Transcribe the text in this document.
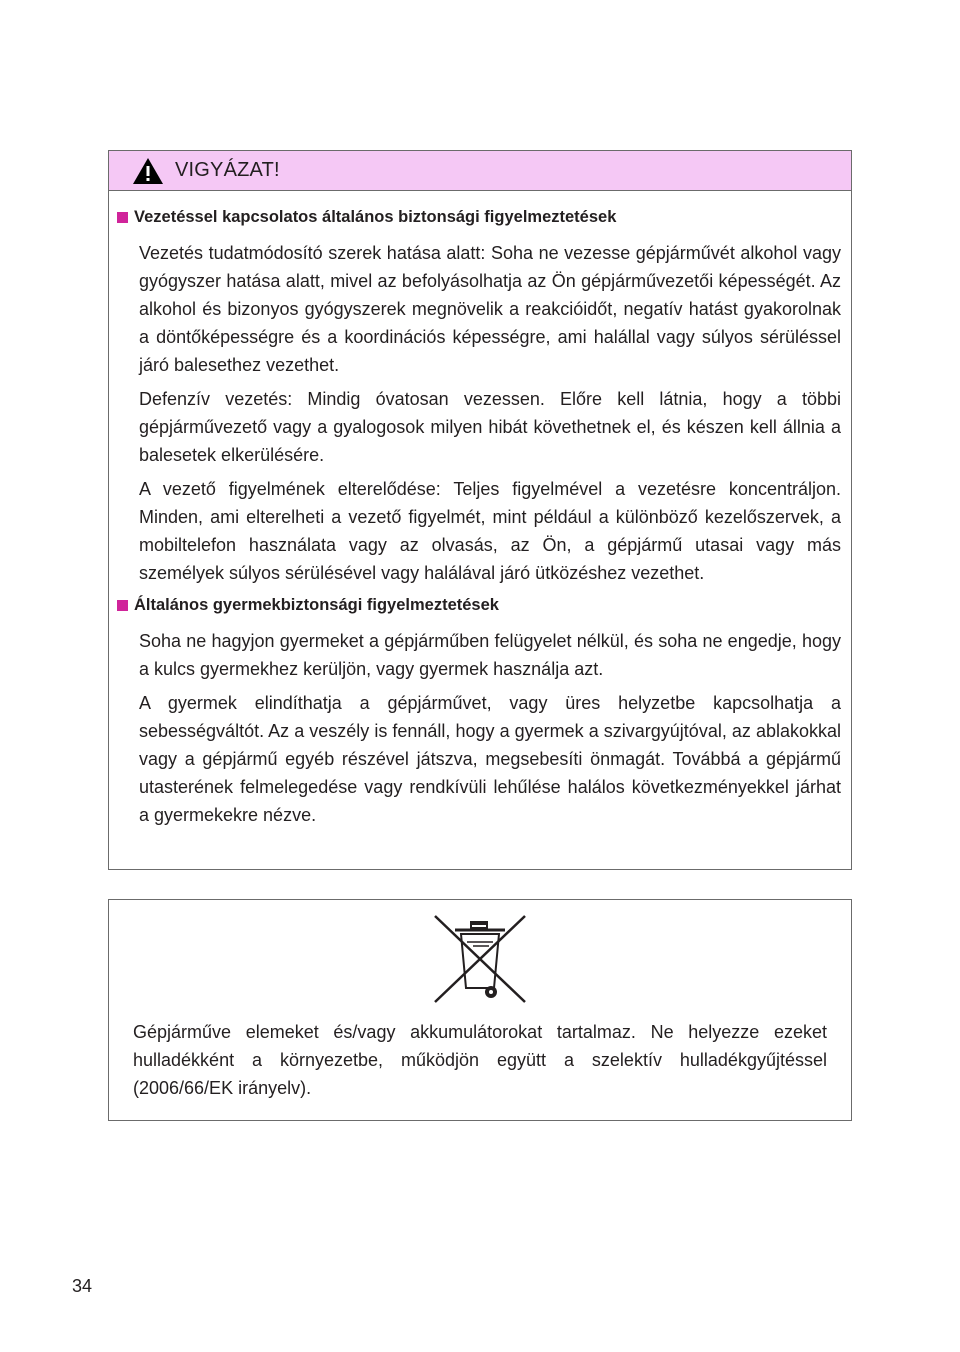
VIGYÁZAT!
Vezetéssel kapcsolatos általános biztonsági figyelmeztetések

Vezetés tudatmódosító szerek hatása alatt: Soha ne vezesse gépjárművét alkohol vagy gyógyszer hatása alatt, mivel az befolyásolhatja az Ön gépjárművezetői képességét. Az alkohol és bizonyos gyógyszerek megnövelik a reakcióidőt, negatív hatást gyakorolnak a döntőképességre és a koordinációs képességre, ami halállal vagy súlyos sérüléssel járó balesethez vezethet.

Defenzív vezetés: Mindig óvatosan vezessen. Előre kell látnia, hogy a többi gépjárművezető vagy a gyalogosok milyen hibát követhetnek el, és készen kell állnia a balesetek elkerülésére.

A vezető figyelmének elterelődése: Teljes figyelmével a vezetésre koncentráljon. Minden, ami elterelheti a vezető figyelmét, mint például a különböző kezelőszervek, a mobiltelefon használata vagy az olvasás, az Ön, a gépjármű utasai vagy más személyek súlyos sérülésével vagy halálával járó ütközéshez vezethet.

Általános gyermekbiztonsági figyelmeztetések

Soha ne hagyjon gyermeket a gépjárműben felügyelet nélkül, és soha ne engedje, hogy a kulcs gyermekhez kerüljön, vagy gyermek használja azt.

A gyermek elindíthatja a gépjárművet, vagy üres helyzetbe kapcsolhatja a sebességváltót. Az a veszély is fennáll, hogy a gyermek a szivargyújtóval, az ablakokkal vagy a gépjármű egyéb részével játszva, megsebesíti önmagát. Továbbá a gépjármű utasterének felmelegedése vagy rendkívüli lehűlése halálos következményekkel járhat a gyermekekre nézve.

Gépjárműve elemeket és/vagy akkumulátorokat tartalmaz. Ne helyezze ezeket hulladékként a környezetbe, működjön együtt a szelektív hulladékgyűjtéssel (2006/66/EK irányelv).

34
